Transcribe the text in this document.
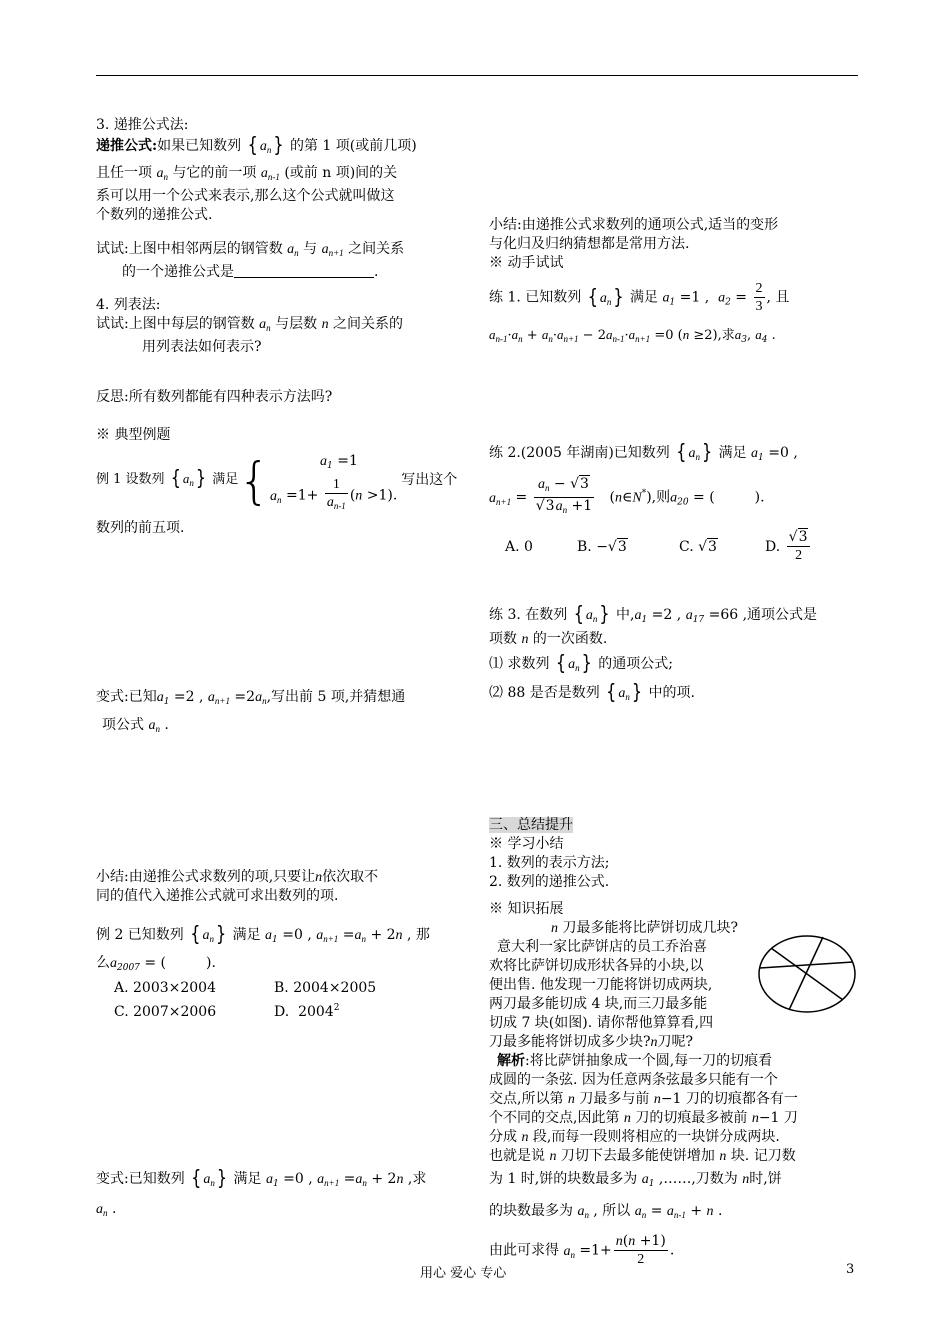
3. 递推公式法:

递推公式:如果已知数列 { $a_n$ } 的第 1 项(或前几项)

且任一项 $a_n$ 与它的前一项 $a_{n-1}$ (或前 n 项)间的关

系可以用一个公式来表示,那么这个公式就叫做这

个数列的递推公式.

试试:上图中相邻两层的钢管数 $a_n$ 与 $a_{n+1}$ 之间关系

的一个递推公式是	.

4. 列表法:

试试:上图中每层的钢管数 $a_n$ 与层数 n 之间关系的

用列表法如何表示?

反思:所有数列都能有四种表示方法吗?

※ 典型例题

例 1 设数列 { $a_n$ } 满足	{	$a_1 =1$
$a_n =1+ \frac{1}{a_{n-1}} (n >1)$.
	写出这个

数列的前五项.

变式:已知$a_1 =2$ , $a_{n+1} =2a_n$,写出前 5 项,并猜想通

项公式 $a_n$ .

小结:由递推公式求数列的项,只要让n依次取不

同的值代入递推公式就可求出数列的项.

例 2 已知数列 { $a_n$ } 满足 $a_1 =0$ , $a_{n+1} =a_n + 2n$ , 那

么$a_{2007}$ = (	).

A. 2003×2004	B. 2004×2005
C. 2007×2006	D. 2004$^2$

变式:已知数列 { $a_n$ } 满足 $a_1 =0$ , $a_{n+1} =a_n + 2n$ ,求

$a_n$ .

小结:由递推公式求数列的通项公式,适当的变形

与化归及归纳猜想都是常用方法.

※ 动手试试

练 1. 已知数列 { $a_n$ } 满足 $a_1 =1$ ,  $a_2 = \frac{2}{3}$ , 且

$a_{n-1}\cdot a_n + a_n\cdot a_{n+1} - 2a_{n-1}\cdot a_{n+1} =0$ (n ≥2),求$a_3$, $a_4$ .

练 2.(2005 年湖南)已知数列 { $a_n$ } 满足 $a_1 =0$ ,

$a_{n+1} = \frac{a_n - √3}{√3a_n +1}$ (n∈N*),则$a_{20}$ = (	).

A. 0	B. −√3	C. √3	D. $\frac{√3}{2}$

练 3. 在数列 { $a_n$ } 中$,a_1 =2$ , $a_{17} =66$ ,通项公式是

项数 n 的一次函数.

⑴ 求数列 { $a_n$ } 的通项公式;

⑵ 88 是否是数列 { $a_n$ } 中的项.

三、总结提升

※ 学习小结

1. 数列的表示方法;

2. 数列的递推公式.

※ 知识拓展

n 刀最多能将比萨饼切成几块?

意大利一家比萨饼店的员工乔治喜

欢将比萨饼切成形状各异的小块,以

便出售. 他发现一刀能将饼切成两块,

两刀最多能切成 4 块,而三刀最多能

切成 7 块(如图). 请你帮他算算看,四

刀最多能将饼切成多少块?n刀呢?

解析:将比萨饼抽象成一个圆,每一刀的切痕看

成圆的一条弦. 因为任意两条弦最多只能有一个

交点,所以第 n 刀最多与前 n−1 刀的切痕都各有一

个不同的交点,因此第 n 刀的切痕最多被前 n−1 刀

分成 n 段,而每一段则将相应的一块饼分成两块.

也就是说 n 刀切下去最多能使饼增加 n 块. 记刀数

为 1 时,饼的块数最多为 $a_1$ ,……,刀数为 n时,饼

的块数最多为 $a_n$ , 所以 $a_n = a_{n-1} + n$ .

由此可求得 $a_n =1+ \frac{n(n +1)}{2}$ .

用心 爱心 专心	3
